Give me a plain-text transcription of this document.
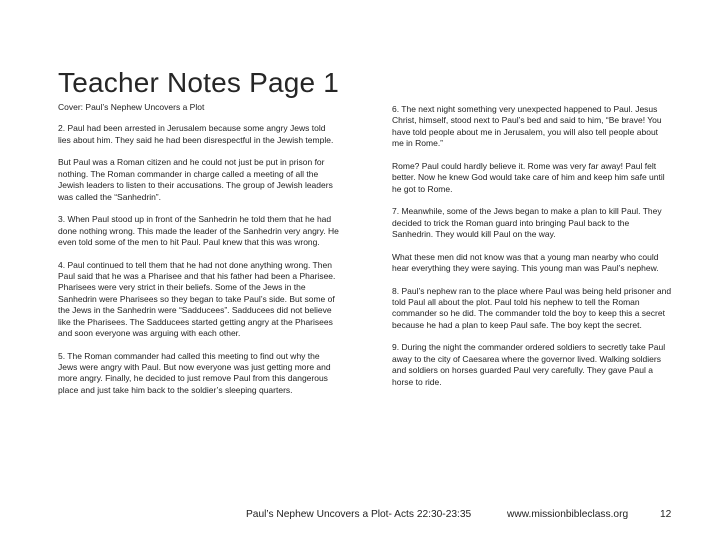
Teacher Notes Page 1

Cover: Paul’s Nephew Uncovers a Plot

2. Paul had been arrested in Jerusalem because some angry Jews told lies about him. They said he had been disrespectful in the Jewish temple.

But Paul was a Roman citizen and he could not just be put in prison for nothing. The Roman commander in charge called a meeting of all the Jewish leaders to listen to their accusations. The group of Jewish leaders was called the “Sanhedrin”.

3. When Paul stood up in front of the Sanhedrin he told them that he had done nothing wrong. This made the leader of the Sanhedrin very angry. He even told some of the men to hit Paul. Paul knew that this was wrong.

4. Paul continued to tell them that he had not done anything wrong. Then Paul said that he was a Pharisee and that his father had been a Pharisee. Pharisees were very strict in their beliefs. Some of the Jews in the Sanhedrin were Pharisees so they began to take Paul’s side. But some of the Jews in the Sanhedrin were “Sadducees”. Sadducees did not believe like the Pharisees. The Sadducees started getting angry at the Pharisees and soon everyone was arguing with each other.

5. The Roman commander had called this meeting to find out why the Jews were angry with Paul. But now everyone was just getting more and more angry. Finally, he decided to just remove Paul from this dangerous place and just take him back to the soldier’s sleeping quarters.

6. The next night something very unexpected happened to Paul. Jesus Christ, himself, stood next to Paul’s bed and said to him, “Be brave! You have told people about me in Jerusalem, you will also tell people about me in Rome.”

Rome? Paul could hardly believe it. Rome was very far away! Paul felt better. Now he knew God would take care of him and keep him safe until he got to Rome.

7. Meanwhile, some of the Jews began to make a plan to kill Paul. They decided to trick the Roman guard into bringing Paul back to the Sanhedrin. They would kill Paul on the way.

What these men did not know was that a young man nearby who could hear everything they were saying. This young man was Paul’s nephew.

8. Paul’s nephew ran to the place where Paul was being held prisoner and told Paul all about the plot. Paul told his nephew to tell the Roman commander so he did. The commander told the boy to keep this a secret because he had a plan to keep Paul safe. The boy kept the secret.

9. During the night the commander ordered soldiers to secretly take Paul away to the city of Caesarea where the governor lived. Walking soldiers and soldiers on horses guarded Paul very carefully. They gave Paul a horse to ride.

Paul’s Nephew Uncovers a Plot- Acts 22:30-23:35	www.missionbibleclass.org	12
